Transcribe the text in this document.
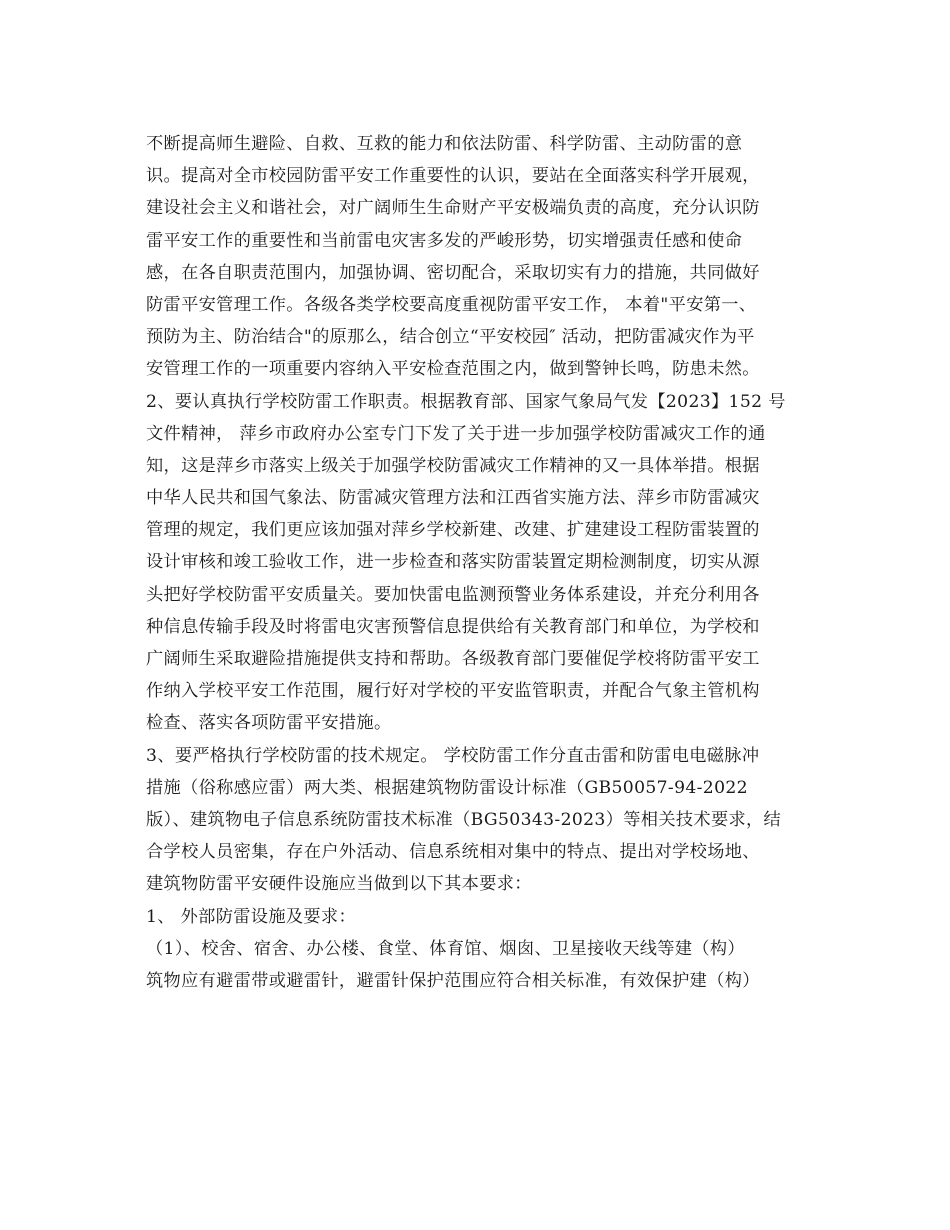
不断提高师生避险、自救、互救的能力和依法防雷、科学防雷、主动防雷的意
识。提高对全市校园防雷平安工作重要性的认识，要站在全面落实科学开展观，
建设社会主义和谐社会，对广阔师生生命财产平安极端负责的高度，充分认识防
雷平安工作的重要性和当前雷电灾害多发的严峻形势，切实增强责任感和使命
感，在各自职责范围内，加强协调、密切配合，采取切实有力的措施，共同做好
防雷平安管理工作。各级各类学校要高度重视防雷平安工作， 本着"平安第一、
预防为主、防治结合"的原那么，结合创立“平安校园″ 活动，把防雷减灾作为平
安管理工作的一项重要内容纳入平安检查范围之内，做到警钟长鸣，防患未然。
2、要认真执行学校防雷工作职责。根据教育部、国家气象局气发【2023】152 号
文件精神， 萍乡市政府办公室专门下发了关于进一步加强学校防雷减灾工作的通
知，这是萍乡市落实上级关于加强学校防雷减灾工作精神的又一具体举措。根据
中华人民共和国气象法、防雷减灾管理方法和江西省实施方法、萍乡市防雷减灾
管理的规定，我们更应该加强对萍乡学校新建、改建、扩建建设工程防雷装置的
设计审核和竣工验收工作，进一步检查和落实防雷装置定期检测制度，切实从源
头把好学校防雷平安质量关。要加快雷电监测预警业务体系建设，并充分利用各
种信息传输手段及时将雷电灾害预警信息提供给有关教育部门和单位，为学校和
广阔师生采取避险措施提供支持和帮助。各级教育部门要催促学校将防雷平安工
作纳入学校平安工作范围，履行好对学校的平安监管职责，并配合气象主管机构
检查、落实各项防雷平安措施。
3、要严格执行学校防雷的技术规定。 学校防雷工作分直击雷和防雷电电磁脉冲
措施（俗称感应雷）两大类、根据建筑物防雷设计标准（GB50057-94-2022
版）、建筑物电子信息系统防雷技术标准（BG50343-2023）等相关技术要求，结
合学校人员密集，存在户外活动、信息系统相对集中的特点、提出对学校场地、
建筑物防雷平安硬件设施应当做到以下其本要求：
1、 外部防雷设施及要求：
（1）、校舍、宿舍、办公楼、食堂、体育馆、烟囱、卫星接收天线等建（构）
筑物应有避雷带或避雷针，避雷针保护范围应符合相关标准，有效保护建（构）
